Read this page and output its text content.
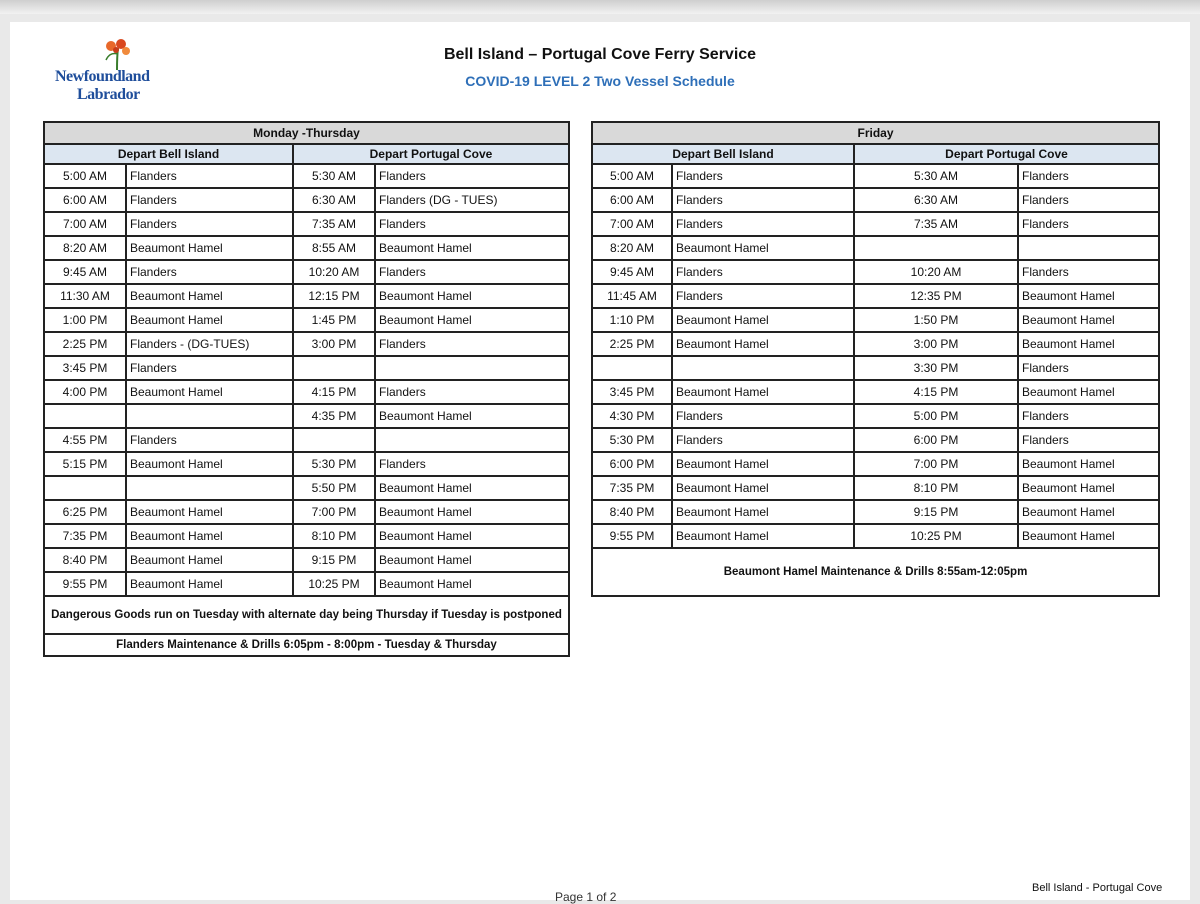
Newfoundland
Labrador
Bell Island – Portugal Cove Ferry Service
COVID-19 LEVEL 2 Two Vessel Schedule
Monday -Thursday			
Depart Bell Island		Depart Portugal Cove	
5:00 AM	Flanders	5:30 AM	Flanders
6:00 AM	Flanders	6:30 AM	Flanders (DG - TUES)
7:00 AM	Flanders	7:35 AM	Flanders
8:20 AM	Beaumont Hamel	8:55 AM	Beaumont Hamel
9:45 AM	Flanders	10:20 AM	Flanders
11:30 AM	Beaumont Hamel	12:15 PM	Beaumont Hamel
1:00 PM	Beaumont Hamel	1:45 PM	Beaumont Hamel
2:25 PM	Flanders - (DG-TUES)	3:00 PM	Flanders
3:45 PM	Flanders		
4:00 PM	Beaumont Hamel	4:15 PM	Flanders
		4:35 PM	Beaumont Hamel
4:55 PM	Flanders		
5:15 PM	Beaumont Hamel	5:30 PM	Flanders
		5:50 PM	Beaumont Hamel
6:25 PM	Beaumont Hamel	7:00 PM	Beaumont Hamel
7:35 PM	Beaumont Hamel	8:10 PM	Beaumont Hamel
8:40 PM	Beaumont Hamel	9:15 PM	Beaumont Hamel
9:55 PM	Beaumont Hamel	10:25 PM	Beaumont Hamel
Dangerous Goods run on Tuesday with alternate day being Thursday if Tuesday is postponed			
Flanders Maintenance & Drills 6:05pm - 8:00pm - Tuesday & Thursday			
Friday			
Depart Bell Island		Depart Portugal Cove	
5:00 AM	Flanders	5:30 AM	Flanders
6:00 AM	Flanders	6:30 AM	Flanders
7:00 AM	Flanders	7:35 AM	Flanders
8:20 AM	Beaumont Hamel		
9:45 AM	Flanders	10:20 AM	Flanders
11:45 AM	Flanders	12:35 PM	Beaumont Hamel
1:10 PM	Beaumont Hamel	1:50 PM	Beaumont Hamel
2:25 PM	Beaumont Hamel	3:00 PM	Beaumont Hamel
		3:30 PM	Flanders
3:45 PM	Beaumont Hamel	4:15 PM	Beaumont Hamel
4:30 PM	Flanders	5:00 PM	Flanders
5:30 PM	Flanders	6:00 PM	Flanders
6:00 PM	Beaumont Hamel	7:00 PM	Beaumont Hamel
7:35 PM	Beaumont Hamel	8:10 PM	Beaumont Hamel
8:40 PM	Beaumont Hamel	9:15 PM	Beaumont Hamel
9:55 PM	Beaumont Hamel	10:25 PM	Beaumont Hamel
Beaumont Hamel Maintenance & Drills 8:55am-12:05pm			
Page 1 of 2
Bell Island - Portugal Cove
